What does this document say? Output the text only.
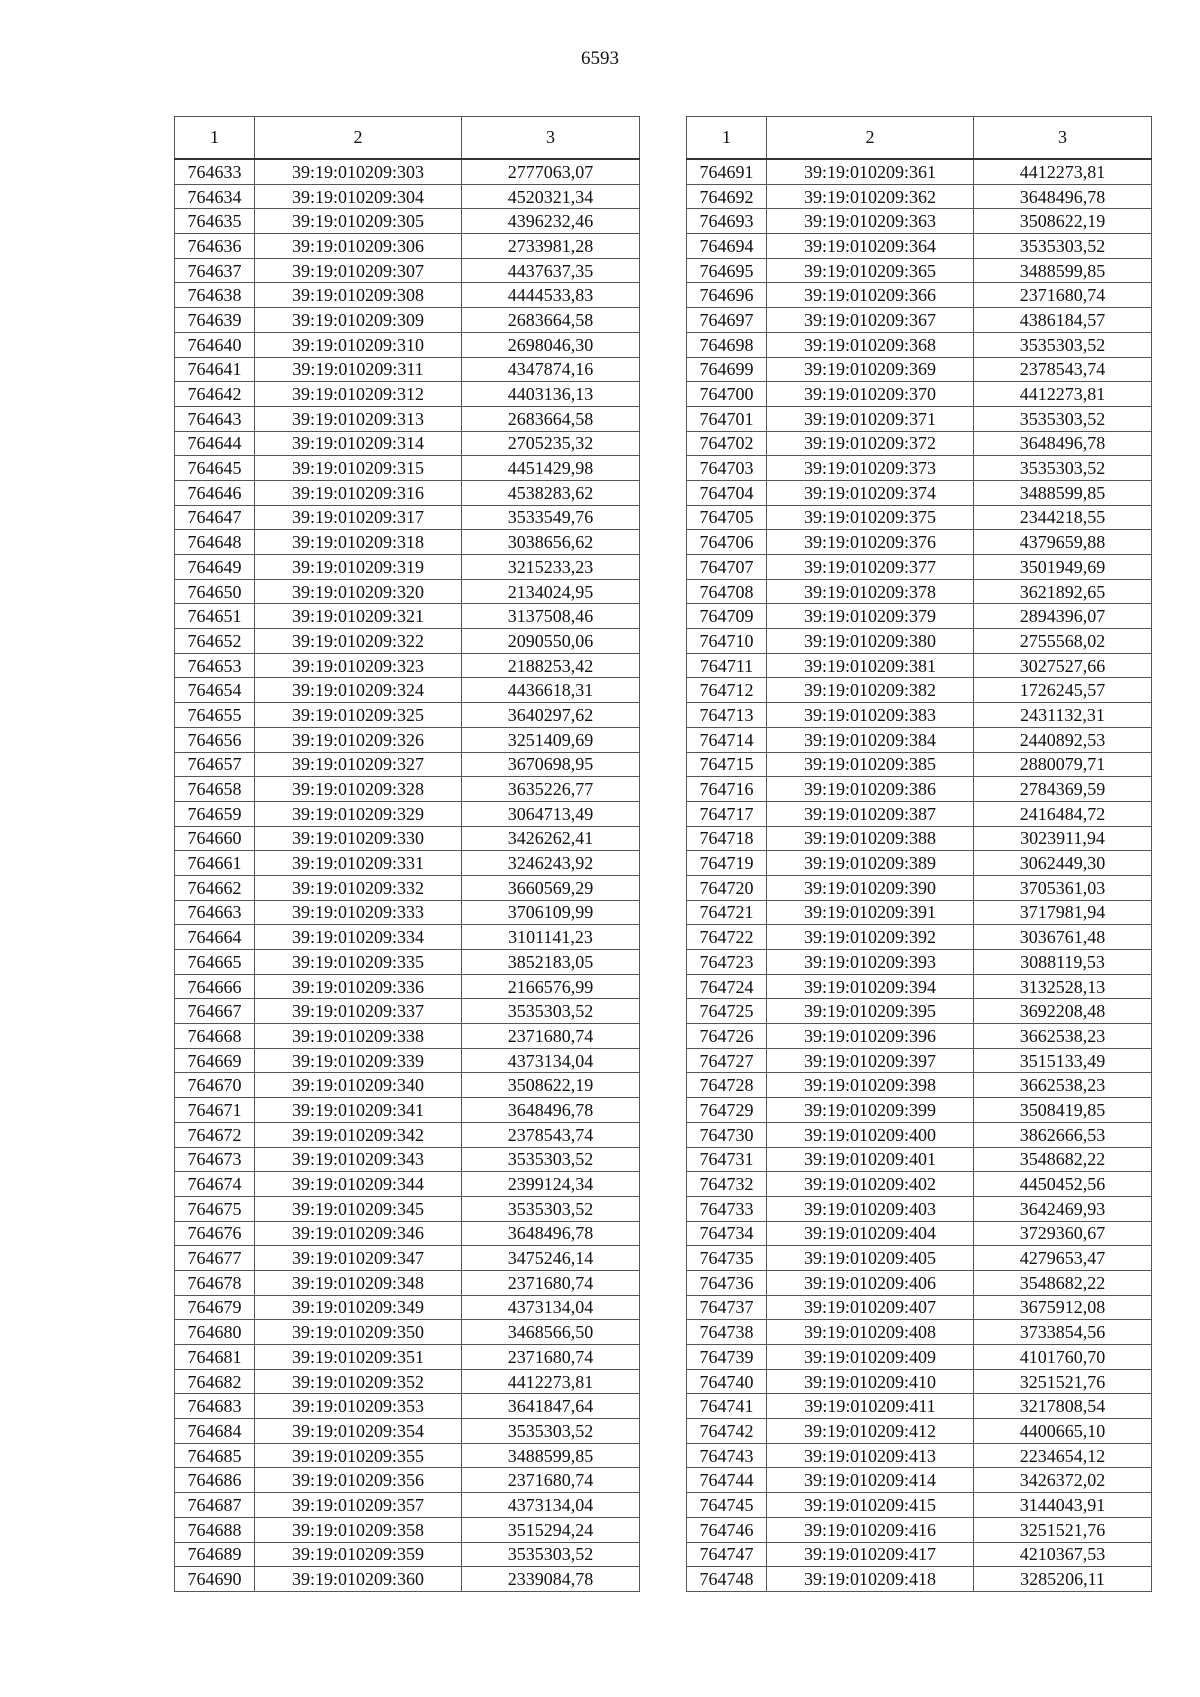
6593
1	2	3
764633	39:19:010209:303	2777063,07
764634	39:19:010209:304	4520321,34
764635	39:19:010209:305	4396232,46
764636	39:19:010209:306	2733981,28
764637	39:19:010209:307	4437637,35
764638	39:19:010209:308	4444533,83
764639	39:19:010209:309	2683664,58
764640	39:19:010209:310	2698046,30
764641	39:19:010209:311	4347874,16
764642	39:19:010209:312	4403136,13
764643	39:19:010209:313	2683664,58
764644	39:19:010209:314	2705235,32
764645	39:19:010209:315	4451429,98
764646	39:19:010209:316	4538283,62
764647	39:19:010209:317	3533549,76
764648	39:19:010209:318	3038656,62
764649	39:19:010209:319	3215233,23
764650	39:19:010209:320	2134024,95
764651	39:19:010209:321	3137508,46
764652	39:19:010209:322	2090550,06
764653	39:19:010209:323	2188253,42
764654	39:19:010209:324	4436618,31
764655	39:19:010209:325	3640297,62
764656	39:19:010209:326	3251409,69
764657	39:19:010209:327	3670698,95
764658	39:19:010209:328	3635226,77
764659	39:19:010209:329	3064713,49
764660	39:19:010209:330	3426262,41
764661	39:19:010209:331	3246243,92
764662	39:19:010209:332	3660569,29
764663	39:19:010209:333	3706109,99
764664	39:19:010209:334	3101141,23
764665	39:19:010209:335	3852183,05
764666	39:19:010209:336	2166576,99
764667	39:19:010209:337	3535303,52
764668	39:19:010209:338	2371680,74
764669	39:19:010209:339	4373134,04
764670	39:19:010209:340	3508622,19
764671	39:19:010209:341	3648496,78
764672	39:19:010209:342	2378543,74
764673	39:19:010209:343	3535303,52
764674	39:19:010209:344	2399124,34
764675	39:19:010209:345	3535303,52
764676	39:19:010209:346	3648496,78
764677	39:19:010209:347	3475246,14
764678	39:19:010209:348	2371680,74
764679	39:19:010209:349	4373134,04
764680	39:19:010209:350	3468566,50
764681	39:19:010209:351	2371680,74
764682	39:19:010209:352	4412273,81
764683	39:19:010209:353	3641847,64
764684	39:19:010209:354	3535303,52
764685	39:19:010209:355	3488599,85
764686	39:19:010209:356	2371680,74
764687	39:19:010209:357	4373134,04
764688	39:19:010209:358	3515294,24
764689	39:19:010209:359	3535303,52
764690	39:19:010209:360	2339084,78
1	2	3
764691	39:19:010209:361	4412273,81
764692	39:19:010209:362	3648496,78
764693	39:19:010209:363	3508622,19
764694	39:19:010209:364	3535303,52
764695	39:19:010209:365	3488599,85
764696	39:19:010209:366	2371680,74
764697	39:19:010209:367	4386184,57
764698	39:19:010209:368	3535303,52
764699	39:19:010209:369	2378543,74
764700	39:19:010209:370	4412273,81
764701	39:19:010209:371	3535303,52
764702	39:19:010209:372	3648496,78
764703	39:19:010209:373	3535303,52
764704	39:19:010209:374	3488599,85
764705	39:19:010209:375	2344218,55
764706	39:19:010209:376	4379659,88
764707	39:19:010209:377	3501949,69
764708	39:19:010209:378	3621892,65
764709	39:19:010209:379	2894396,07
764710	39:19:010209:380	2755568,02
764711	39:19:010209:381	3027527,66
764712	39:19:010209:382	1726245,57
764713	39:19:010209:383	2431132,31
764714	39:19:010209:384	2440892,53
764715	39:19:010209:385	2880079,71
764716	39:19:010209:386	2784369,59
764717	39:19:010209:387	2416484,72
764718	39:19:010209:388	3023911,94
764719	39:19:010209:389	3062449,30
764720	39:19:010209:390	3705361,03
764721	39:19:010209:391	3717981,94
764722	39:19:010209:392	3036761,48
764723	39:19:010209:393	3088119,53
764724	39:19:010209:394	3132528,13
764725	39:19:010209:395	3692208,48
764726	39:19:010209:396	3662538,23
764727	39:19:010209:397	3515133,49
764728	39:19:010209:398	3662538,23
764729	39:19:010209:399	3508419,85
764730	39:19:010209:400	3862666,53
764731	39:19:010209:401	3548682,22
764732	39:19:010209:402	4450452,56
764733	39:19:010209:403	3642469,93
764734	39:19:010209:404	3729360,67
764735	39:19:010209:405	4279653,47
764736	39:19:010209:406	3548682,22
764737	39:19:010209:407	3675912,08
764738	39:19:010209:408	3733854,56
764739	39:19:010209:409	4101760,70
764740	39:19:010209:410	3251521,76
764741	39:19:010209:411	3217808,54
764742	39:19:010209:412	4400665,10
764743	39:19:010209:413	2234654,12
764744	39:19:010209:414	3426372,02
764745	39:19:010209:415	3144043,91
764746	39:19:010209:416	3251521,76
764747	39:19:010209:417	4210367,53
764748	39:19:010209:418	3285206,11
